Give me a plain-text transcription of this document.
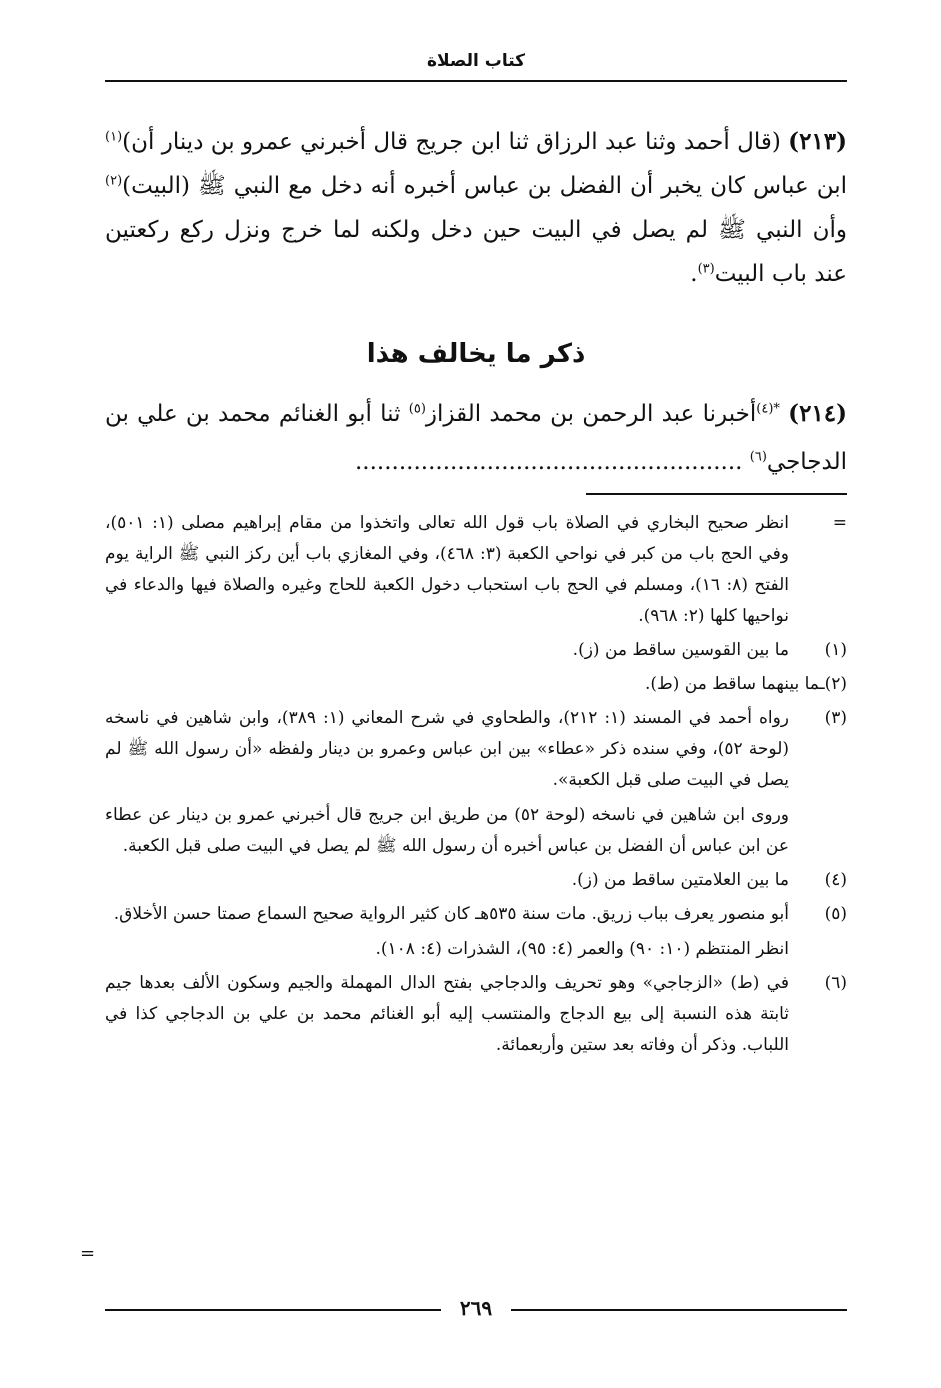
كتاب الصلاة

(٢١٣) (قال أحمد وثنا عبد الرزاق ثنا ابن جريج قال أخبرني عمرو بن دينار أن)$^{(١)}$ ابن عباس كان يخبر أن الفضل بن عباس أخبره أنه دخل مع النبي ﷺ (البيت)$^{(٢)}$ وأن النبي ﷺ لم يصل في البيت حين دخل ولكنه لما خرج ونزل ركع ركعتين عند باب البيت$^{(٣)}$.

ذكر ما يخالف هذا

(٢١٤) $^{*(٤)}$أخبرنا عبد الرحمن بن محمد القزاز$^{(٥)}$ ثنا أبو الغنائم محمد بن علي بن الدجاجي$^{(٦)}$ .....................................................

=
انظر صحيح البخاري في الصلاة باب قول الله تعالى واتخذوا من مقام إبراهيم مصلى (١: ٥٠١)، وفي الحج باب من كبر في نواحي الكعبة (٣: ٤٦٨)، وفي المغازي باب أين ركز النبي ﷺ الراية يوم الفتح (٨: ١٦)، ومسلم في الحج باب استحباب دخول الكعبة للحاج وغيره والصلاة فيها والدعاء في نواحيها كلها (٢: ٩٦٨).
(١)
ما بين القوسين ساقط من (ز).
(٢)ـما بينهما ساقط من (ط).
(٣)
رواه أحمد في المسند (١: ٢١٢)، والطحاوي في شرح المعاني (١: ٣٨٩)، وابن شاهين في ناسخه (لوحة ٥٢)، وفي سنده ذكر «عطاء» بين ابن عباس وعمرو بن دينار ولفظه «أن رسول الله ﷺ لم يصل في البيت صلى قبل الكعبة».
وروى ابن شاهين في ناسخه (لوحة ٥٢) من طريق ابن جريج قال أخبرني عمرو بن دينار عن عطاء عن ابن عباس أن الفضل بن عباس أخبره أن رسول الله ﷺ لم يصل في البيت صلى قبل الكعبة.
(٤)
ما بين العلامتين ساقط من (ز).
(٥)
أبو منصور يعرف بباب زريق. مات سنة ٥٣٥هـ كان كثير الرواية صحيح السماع صمتا حسن الأخلاق.
انظر المنتظم (١٠: ٩٠) والعمر (٤: ٩٥)، الشذرات (٤: ١٠٨).
(٦)
في (ط) «الزجاجي» وهو تحريف والدجاجي بفتح الدال المهملة والجيم وسكون الألف بعدها جيم ثابتة هذه النسبة إلى بيع الدجاج والمنتسب إليه أبو الغنائم محمد بن علي بن الدجاجي كذا في اللباب. وذكر أن وفاته بعد ستين وأربعمائة.
=
٢٦٩
